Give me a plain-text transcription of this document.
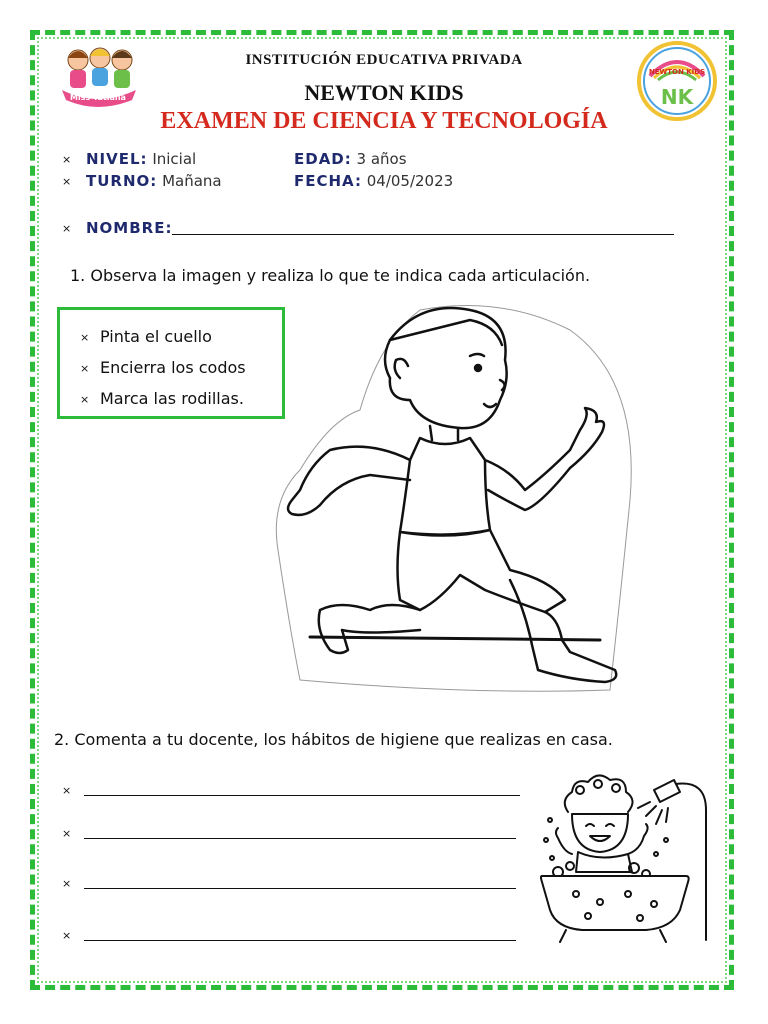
Miss Tatiana
NEWTON KIDS
NK
INSTITUCIÓN EDUCATIVA PRIVADA
NEWTON KIDS
EXAMEN DE CIENCIA Y TECNOLOGÍA
× NIVEL: Inicial	EDAD: 3 años
× TURNO: Mañana	FECHA: 04/05/2023
× NOMBRE:
1. Observa la imagen y realiza lo que te indica cada articulación.
× Pinta el cuello
× Encierra los codos
× Marca las rodillas.
2. Comenta a tu docente, los hábitos de higiene que realizas en casa.
×
×
×
×
